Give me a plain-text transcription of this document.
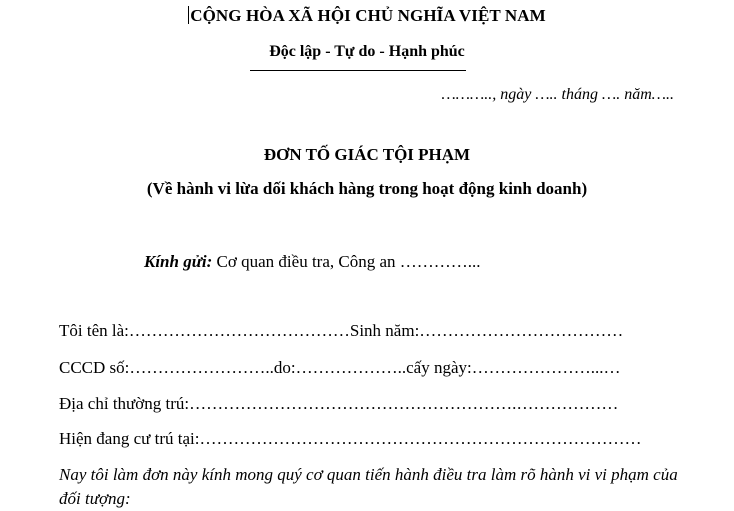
CỘNG HÒA XÃ HỘI CHỦ NGHĨA VIỆT NAM
Độc lập - Tự do - Hạnh phúc
……….., ngày ….. tháng …. năm…..
ĐƠN TỐ GIÁC TỘI PHẠM
(Về hành vi lừa dối khách hàng trong hoạt động kinh doanh)
Kính gửi: Cơ quan điều tra, Công an …………...
Tôi tên là:…………………………………Sinh năm:………………………………
CCCD số:……………………..do:………………..cấy ngày:…………………...…
Địa chỉ thường trú:………………………………………………….………………
Hiện đang cư trú tại:……………………………………………………………………
Nay tôi làm đơn này kính mong quý cơ quan tiến hành điều tra làm rõ hành vi vi phạm của đối tượng:
